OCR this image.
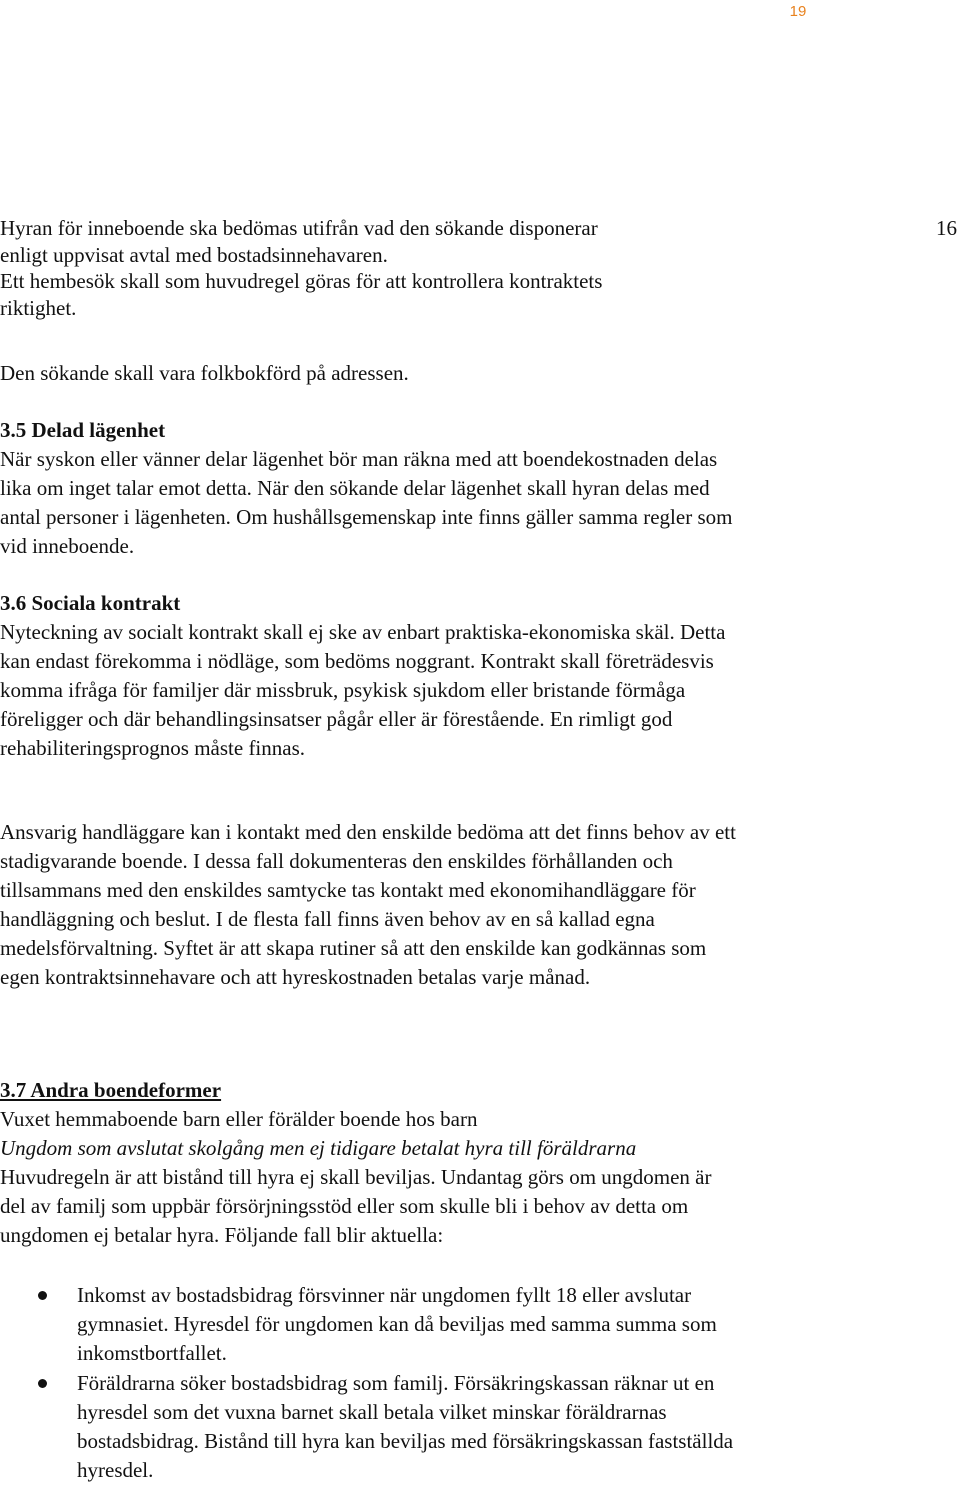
19
16
Hyran för inneboende ska bedömas utifrån vad den sökande disponerar
enligt uppvisat avtal med bostadsinnehavaren.
Ett hembesök skall som huvudregel göras för att kontrollera kontraktets
riktighet.

Den sökande skall vara folkbokförd på adressen.

3.5 Delad lägenhet

När syskon eller vänner delar lägenhet bör man räkna med att boendekostnaden delas lika om inget talar emot detta. När den sökande delar lägenhet skall hyran delas med antal personer i lägenheten. Om hushållsgemenskap inte finns gäller samma regler som vid inneboende.

3.6 Sociala kontrakt

Nyteckning av socialt kontrakt skall ej ske av enbart praktiska-ekonomiska skäl. Detta kan endast förekomma i nödläge, som bedöms noggrant. Kontrakt skall företrädesvis komma ifråga för familjer där missbruk, psykisk sjukdom eller bristande förmåga föreligger och där behandlingsinsatser pågår eller är förestående. En rimligt god rehabiliteringsprognos måste finnas.

Ansvarig handläggare kan i kontakt med den enskilde bedöma att det finns behov av ett stadigvarande boende. I dessa fall dokumenteras den enskildes förhållanden och tillsammans med den enskildes samtycke tas kontakt med ekonomihandläggare för handläggning och beslut. I de flesta fall finns även behov av en så kallad egna medelsförvaltning. Syftet är att skapa rutiner så att den enskilde kan godkännas som egen kontraktsinnehavare och att hyreskostnaden betalas varje månad.

3.7 Andra boendeformer
Vuxet hemmaboende barn eller förälder boende hos barn
Ungdom som avslutat skolgång men ej tidigare betalat hyra till föräldrarna

Huvudregeln är att bistånd till hyra ej skall beviljas. Undantag görs om ungdomen är del av familj som uppbär försörjningsstöd eller som skulle bli i behov av detta om ungdomen ej betalar hyra. Följande fall blir aktuella:

Inkomst av bostadsbidrag försvinner när ungdomen fyllt 18 eller avslutar gymnasiet. Hyresdel för ungdomen kan då beviljas med samma summa som inkomstbortfallet.
Föräldrarna söker bostadsbidrag som familj. Försäkringskassan räknar ut en hyresdel som det vuxna barnet skall betala vilket minskar föräldrarnas bostadsbidrag. Bistånd till hyra kan beviljas med försäkringskassan fastställda hyresdel.
